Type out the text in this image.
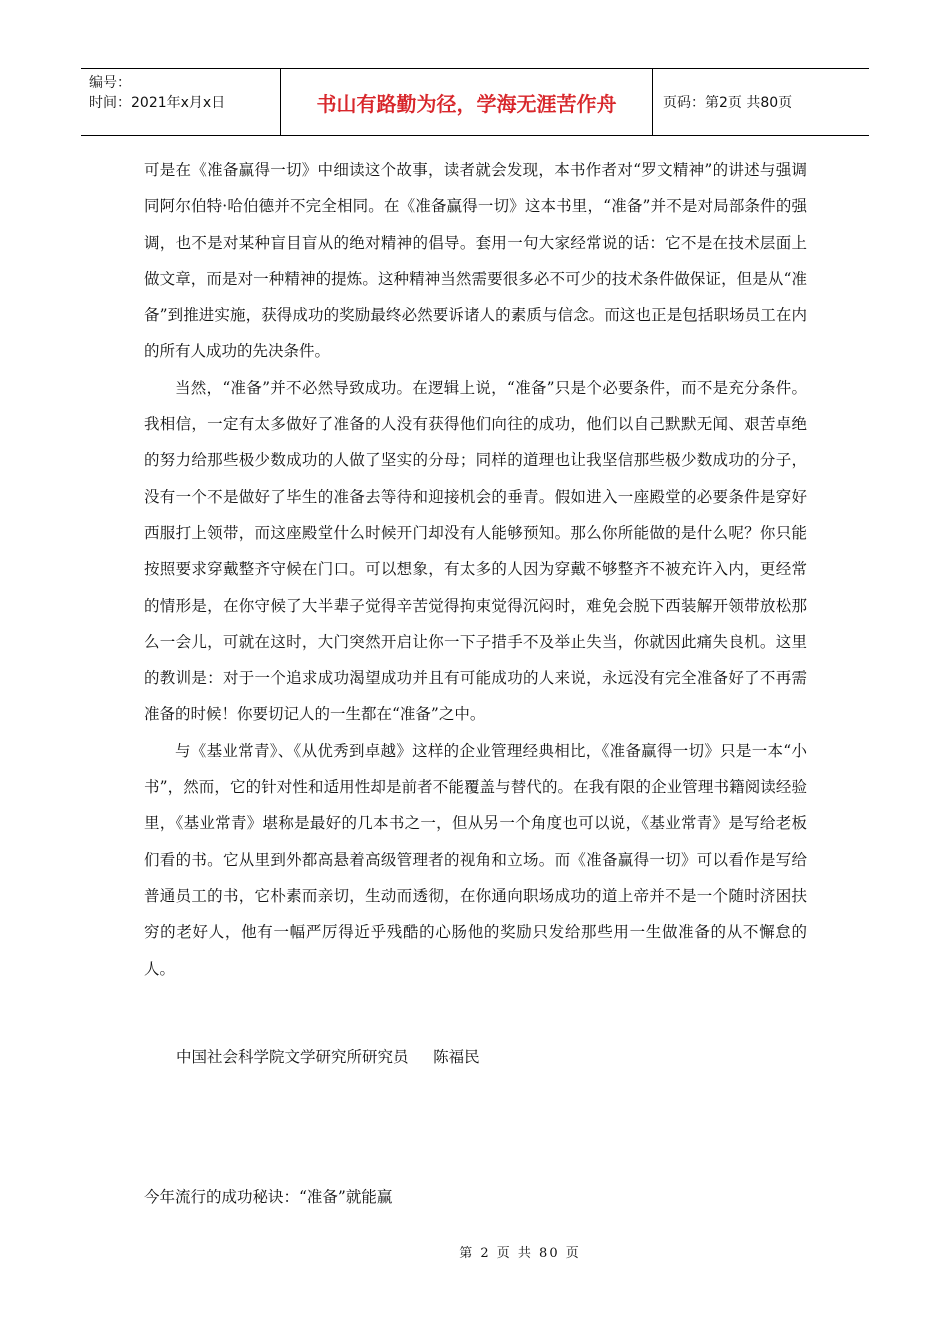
编号：
时间：2021年x月x日	书山有路勤为径，学海无涯苦作舟	页码：第2页 共80页

可是在《准备赢得一切》中细读这个故事，读者就会发现，本书作者对“罗文精神”的讲述与强调同阿尔伯特·哈伯德并不完全相同。在《准备赢得一切》这本书里，“准备”并不是对局部条件的强调，也不是对某种盲目盲从的绝对精神的倡导。套用一句大家经常说的话：它不是在技术层面上做文章，而是对一种精神的提炼。这种精神当然需要很多必不可少的技术条件做保证，但是从“准备”到推进实施，获得成功的奖励最终必然要诉诸人的素质与信念。而这也正是包括职场员工在内的所有人成功的先决条件。

当然，“准备”并不必然导致成功。在逻辑上说，“准备”只是个必要条件，而不是充分条件。我相信，一定有太多做好了准备的人没有获得他们向往的成功，他们以自己默默无闻、艰苦卓绝的努力给那些极少数成功的人做了坚实的分母；同样的道理也让我坚信那些极少数成功的分子，没有一个不是做好了毕生的准备去等待和迎接机会的垂青。假如进入一座殿堂的必要条件是穿好西服打上领带，而这座殿堂什么时候开门却没有人能够预知。那么你所能做的是什么呢？你只能按照要求穿戴整齐守候在门口。可以想象，有太多的人因为穿戴不够整齐不被充许入内，更经常的情形是，在你守候了大半辈子觉得辛苦觉得拘束觉得沉闷时，难免会脱下西装解开领带放松那么一会儿，可就在这时，大门突然开启让你一下子措手不及举止失当，你就因此痛失良机。这里的教训是：对于一个追求成功渴望成功并且有可能成功的人来说，永远没有完全准备好了不再需准备的时候！你要切记人的一生都在“准备”之中。

与《基业常青》、《从优秀到卓越》这样的企业管理经典相比，《准备赢得一切》只是一本“小书”，然而，它的针对性和适用性却是前者不能覆盖与替代的。在我有限的企业管理书籍阅读经验里，《基业常青》堪称是最好的几本书之一，但从另一个角度也可以说，《基业常青》是写给老板们看的书。它从里到外都高悬着高级管理者的视角和立场。而《准备赢得一切》可以看作是写给普通员工的书，它朴素而亲切，生动而透彻，在你通向职场成功的道上帝并不是一个随时济困扶穷的老好人，他有一幅严厉得近乎残酷的心肠他的奖励只发给那些用一生做准备的从不懈怠的人。

中国社会科学院文学研究所研究员     陈福民
今年流行的成功秘诀：“准备”就能赢
第 2 页 共 80 页
